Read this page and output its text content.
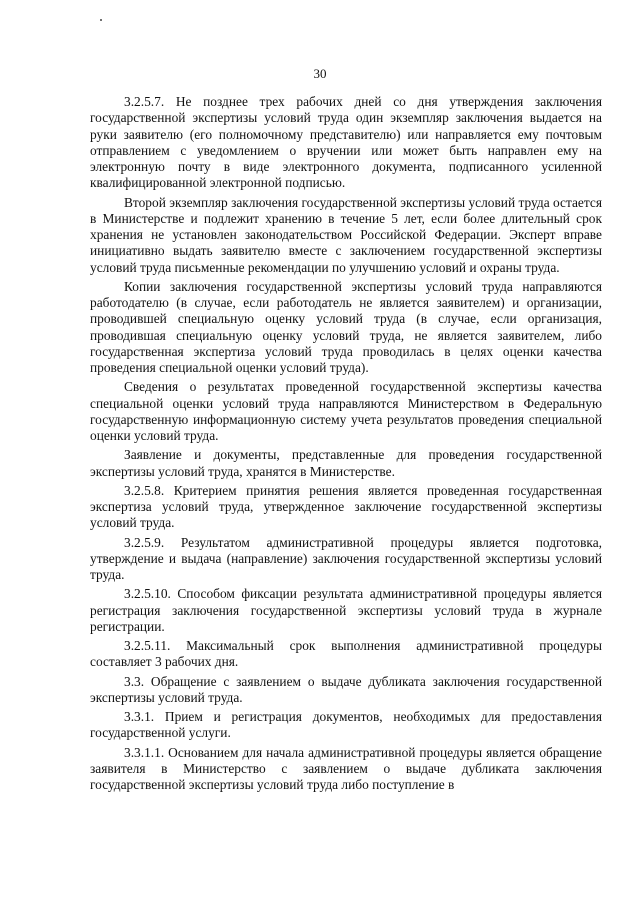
30

3.2.5.7. Не позднее трех рабочих дней со дня утверждения заключения государственной экспертизы условий труда один экземпляр заключения выдается на руки заявителю (его полномочному представителю) или направляется ему почтовым отправлением с уведомлением о вручении или может быть направлен ему на электронную почту в виде электронного документа, подписанного усиленной квалифицированной электронной подписью.

Второй экземпляр заключения государственной экспертизы условий труда остается в Министерстве и подлежит хранению в течение 5 лет, если более длительный срок хранения не установлен законодательством Российской Федерации. Эксперт вправе инициативно выдать заявителю вместе с заключением государственной экспертизы условий труда письменные рекомендации по улучшению условий и охраны труда.

Копии заключения государственной экспертизы условий труда направляются работодателю (в случае, если работодатель не является заявителем) и организации, проводившей специальную оценку условий труда (в случае, если организация, проводившая специальную оценку условий труда, не является заявителем, либо государственная экспертиза условий труда проводилась в целях оценки качества проведения специальной оценки условий труда).

Сведения о результатах проведенной государственной экспертизы качества специальной оценки условий труда направляются Министерством в Федеральную государственную информационную систему учета результатов проведения специальной оценки условий труда.

Заявление и документы, представленные для проведения государственной экспертизы условий труда, хранятся в Министерстве.

3.2.5.8. Критерием принятия решения является проведенная государственная экспертиза условий труда, утвержденное заключение государственной экспертизы условий труда.

3.2.5.9. Результатом административной процедуры является подготовка, утверждение и выдача (направление) заключения государственной экспертизы условий труда.

3.2.5.10. Способом фиксации результата административной процедуры является регистрация заключения государственной экспертизы условий труда в журнале регистрации.

3.2.5.11. Максимальный срок выполнения административной процедуры составляет 3 рабочих дня.

3.3. Обращение с заявлением о выдаче дубликата заключения государственной экспертизы условий труда.

3.3.1. Прием и регистрация документов, необходимых для предоставления государственной услуги.

3.3.1.1. Основанием для начала административной процедуры является обращение заявителя в Министерство с заявлением о выдаче дубликата заключения государственной экспертизы условий труда либо поступление в
